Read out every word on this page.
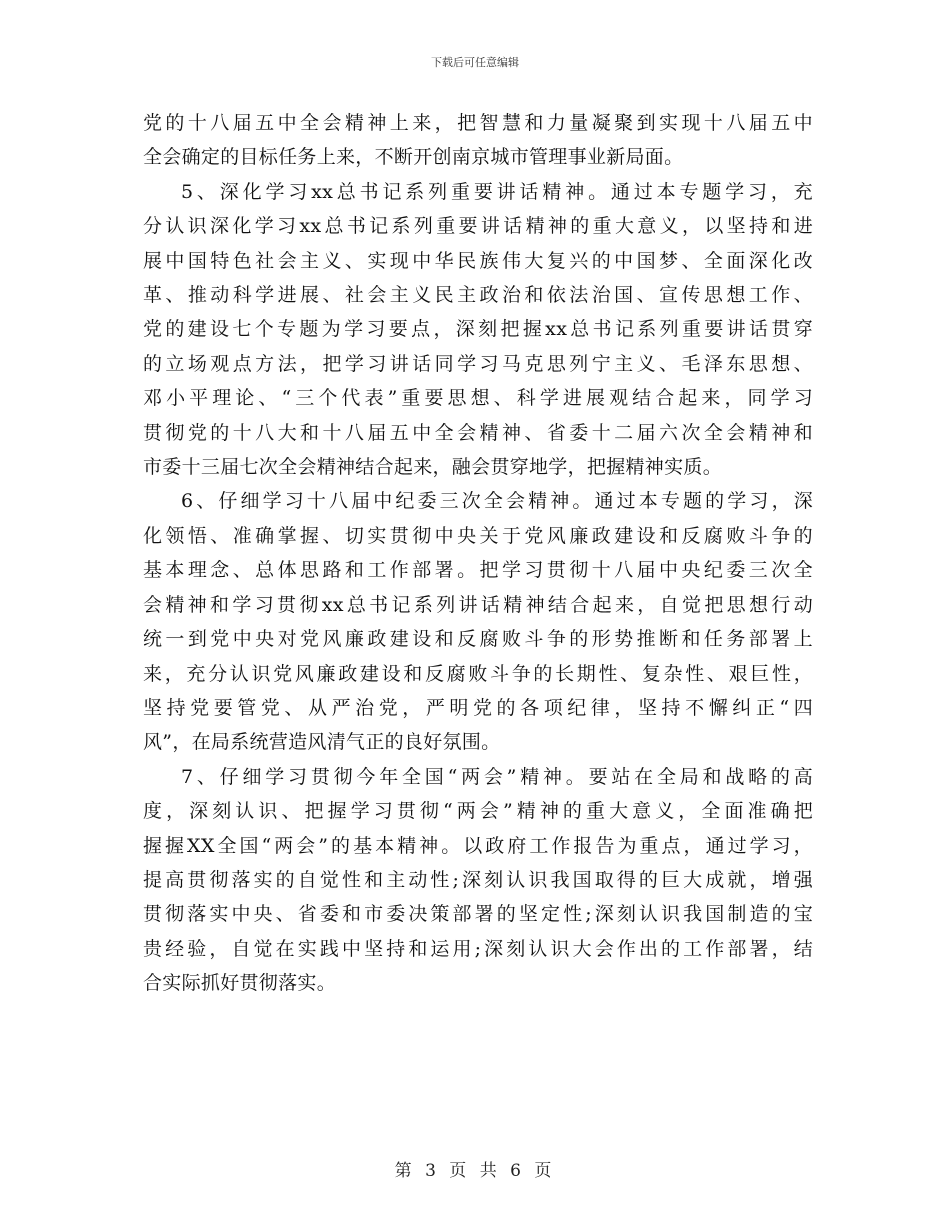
下载后可任意编辑
党的十八届五中全会精神上来，把智慧和力量凝聚到实现十八届五中
全会确定的目标任务上来，不断开创南京城市管理事业新局面。
5、深化学习xx总书记系列重要讲话精神。通过本专题学习，充
分认识深化学习xx总书记系列重要讲话精神的重大意义，以坚持和进
展中国特色社会主义、实现中华民族伟大复兴的中国梦、全面深化改
革、推动科学进展、社会主义民主政治和依法治国、宣传思想工作、
党的建设七个专题为学习要点，深刻把握xx总书记系列重要讲话贯穿
的立场观点方法，把学习讲话同学习马克思列宁主义、毛泽东思想、
邓小平理论、“三个代表”重要思想、科学进展观结合起来，同学习
贯彻党的十八大和十八届五中全会精神、省委十二届六次全会精神和
市委十三届七次全会精神结合起来，融会贯穿地学，把握精神实质。
6、仔细学习十八届中纪委三次全会精神。通过本专题的学习，深
化领悟、准确掌握、切实贯彻中央关于党风廉政建设和反腐败斗争的
基本理念、总体思路和工作部署。把学习贯彻十八届中央纪委三次全
会精神和学习贯彻xx总书记系列讲话精神结合起来，自觉把思想行动
统一到党中央对党风廉政建设和反腐败斗争的形势推断和任务部署上
来，充分认识党风廉政建设和反腐败斗争的长期性、复杂性、艰巨性，
坚持党要管党、从严治党，严明党的各项纪律，坚持不懈纠正“四
风”，在局系统营造风清气正的良好氛围。
7、仔细学习贯彻今年全国“两会”精神。要站在全局和战略的高
度，深刻认识、把握学习贯彻“两会”精神的重大意义，全面准确把
握握XX全国“两会”的基本精神。以政府工作报告为重点，通过学习，
提高贯彻落实的自觉性和主动性;深刻认识我国取得的巨大成就，增强
贯彻落实中央、省委和市委决策部署的坚定性;深刻认识我国制造的宝
贵经验，自觉在实践中坚持和运用;深刻认识大会作出的工作部署，结
合实际抓好贯彻落实。
第 3 页 共 6 页
